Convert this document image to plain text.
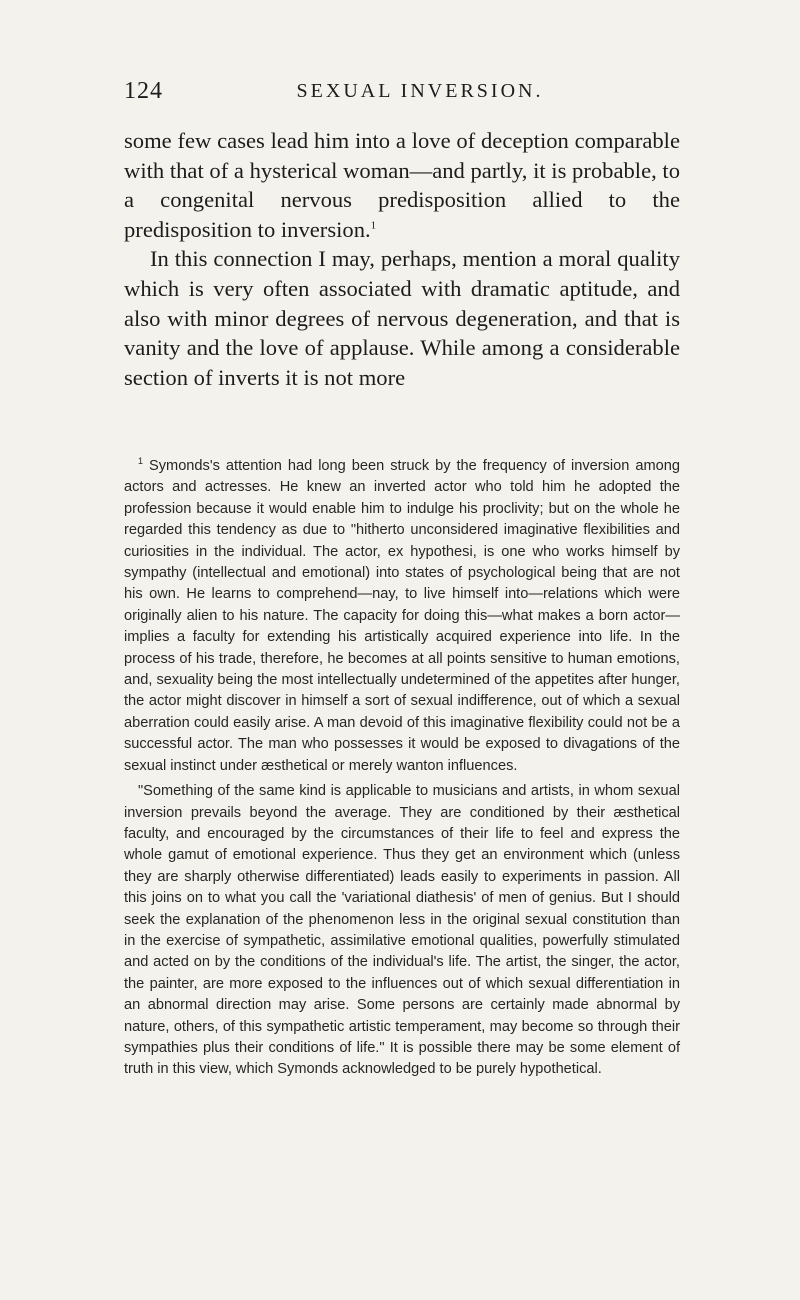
124	SEXUAL INVERSION.

some few cases lead him into a love of deception comparable with that of a hysterical woman—and partly, it is probable, to a congenital nervous predisposition allied to the predisposition to inversion.$^1$

In this connection I may, perhaps, mention a moral quality which is very often associated with dramatic aptitude, and also with minor degrees of nervous degeneration, and that is vanity and the love of applause. While among a considerable section of inverts it is not more

$^1$ Symonds's attention had long been struck by the frequency of inversion among actors and actresses. He knew an inverted actor who told him he adopted the profession because it would enable him to indulge his proclivity; but on the whole he regarded this tendency as due to "hitherto unconsidered imaginative flexibilities and curiosities in the individual. The actor, ex hypothesi, is one who works himself by sympathy (intellectual and emotional) into states of psychological being that are not his own. He learns to comprehend—nay, to live himself into—relations which were originally alien to his nature. The capacity for doing this—what makes a born actor—implies a faculty for extending his artistically acquired experience into life. In the process of his trade, therefore, he becomes at all points sensitive to human emotions, and, sexuality being the most intellectually undetermined of the appetites after hunger, the actor might discover in himself a sort of sexual indifference, out of which a sexual aberration could easily arise. A man devoid of this imaginative flexibility could not be a successful actor. The man who possesses it would be exposed to divagations of the sexual instinct under æsthetical or merely wanton influences.

"Something of the same kind is applicable to musicians and artists, in whom sexual inversion prevails beyond the average. They are conditioned by their æsthetical faculty, and encouraged by the circumstances of their life to feel and express the whole gamut of emotional experience. Thus they get an environment which (unless they are sharply otherwise differentiated) leads easily to experiments in passion. All this joins on to what you call the 'variational diathesis' of men of genius. But I should seek the explanation of the phenomenon less in the original sexual constitution than in the exercise of sympathetic, assimilative emotional qualities, powerfully stimulated and acted on by the conditions of the individual's life. The artist, the singer, the actor, the painter, are more exposed to the influences out of which sexual differentiation in an abnormal direction may arise. Some persons are certainly made abnormal by nature, others, of this sympathetic artistic temperament, may become so through their sympathies plus their conditions of life." It is possible there may be some element of truth in this view, which Symonds acknowledged to be purely hypothetical.
